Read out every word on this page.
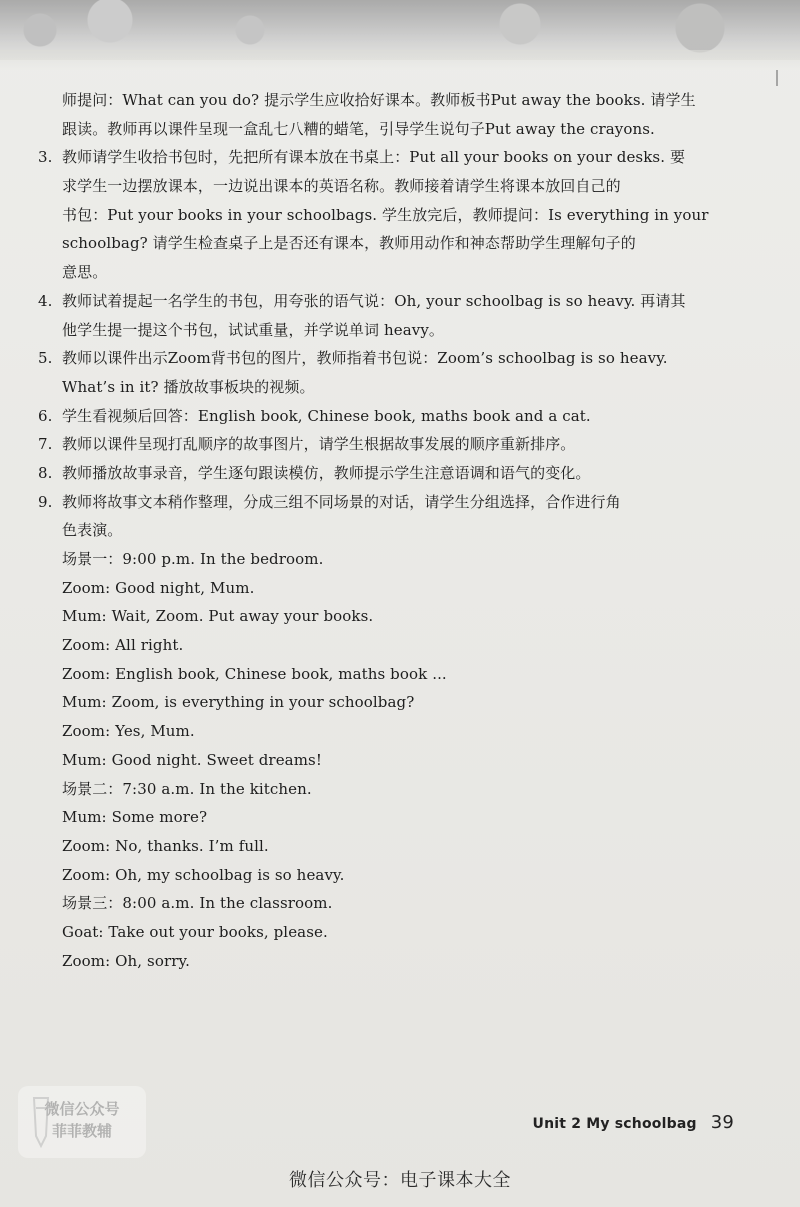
师提问：What can you do? 提示学生应收拾好课本。教师板书Put away the books. 请学生
跟读。教师再以课件呈现一盒乱七八糟的蜡笔，引导学生说句子Put away the crayons.
3. 教师请学生收拾书包时，先把所有课本放在书桌上：Put all your books on your desks. 要
求学生一边摆放课本，一边说出课本的英语名称。教师接着请学生将课本放回自己的
书包：Put your books in your schoolbags. 学生放完后，教师提问：Is everything in your
schoolbag? 请学生检查桌子上是否还有课本，教师用动作和神态帮助学生理解句子的
意思。
4. 教师试着提起一名学生的书包，用夸张的语气说：Oh, your schoolbag is so heavy. 再请其
他学生提一提这个书包，试试重量，并学说单词 heavy。
5. 教师以课件出示Zoom背书包的图片，教师指着书包说：Zoom’s schoolbag is so heavy.
What’s in it? 播放故事板块的视频。
6. 学生看视频后回答：English book, Chinese book, maths book and a cat.
7. 教师以课件呈现打乱顺序的故事图片，请学生根据故事发展的顺序重新排序。
8. 教师播放故事录音，学生逐句跟读模仿，教师提示学生注意语调和语气的变化。
9. 教师将故事文本稍作整理，分成三组不同场景的对话，请学生分组选择，合作进行角
色表演。
场景一：9:00 p.m. In the bedroom.
Zoom: Good night, Mum.
Mum: Wait, Zoom. Put away your books.
Zoom: All right.
Zoom: English book, Chinese book, maths book ...
Mum: Zoom, is everything in your schoolbag?
Zoom: Yes, Mum.
Mum: Good night. Sweet dreams!
场景二：7:30 a.m. In the kitchen.
Mum: Some more?
Zoom: No, thanks. I’m full.
Zoom: Oh, my schoolbag is so heavy.
场景三：8:00 a.m. In the classroom.
Goat: Take out your books, please.
Zoom: Oh, sorry.
Unit 2 My schoolbag 39
微信公众号
菲菲教辅
微信公众号：电子课本大全
